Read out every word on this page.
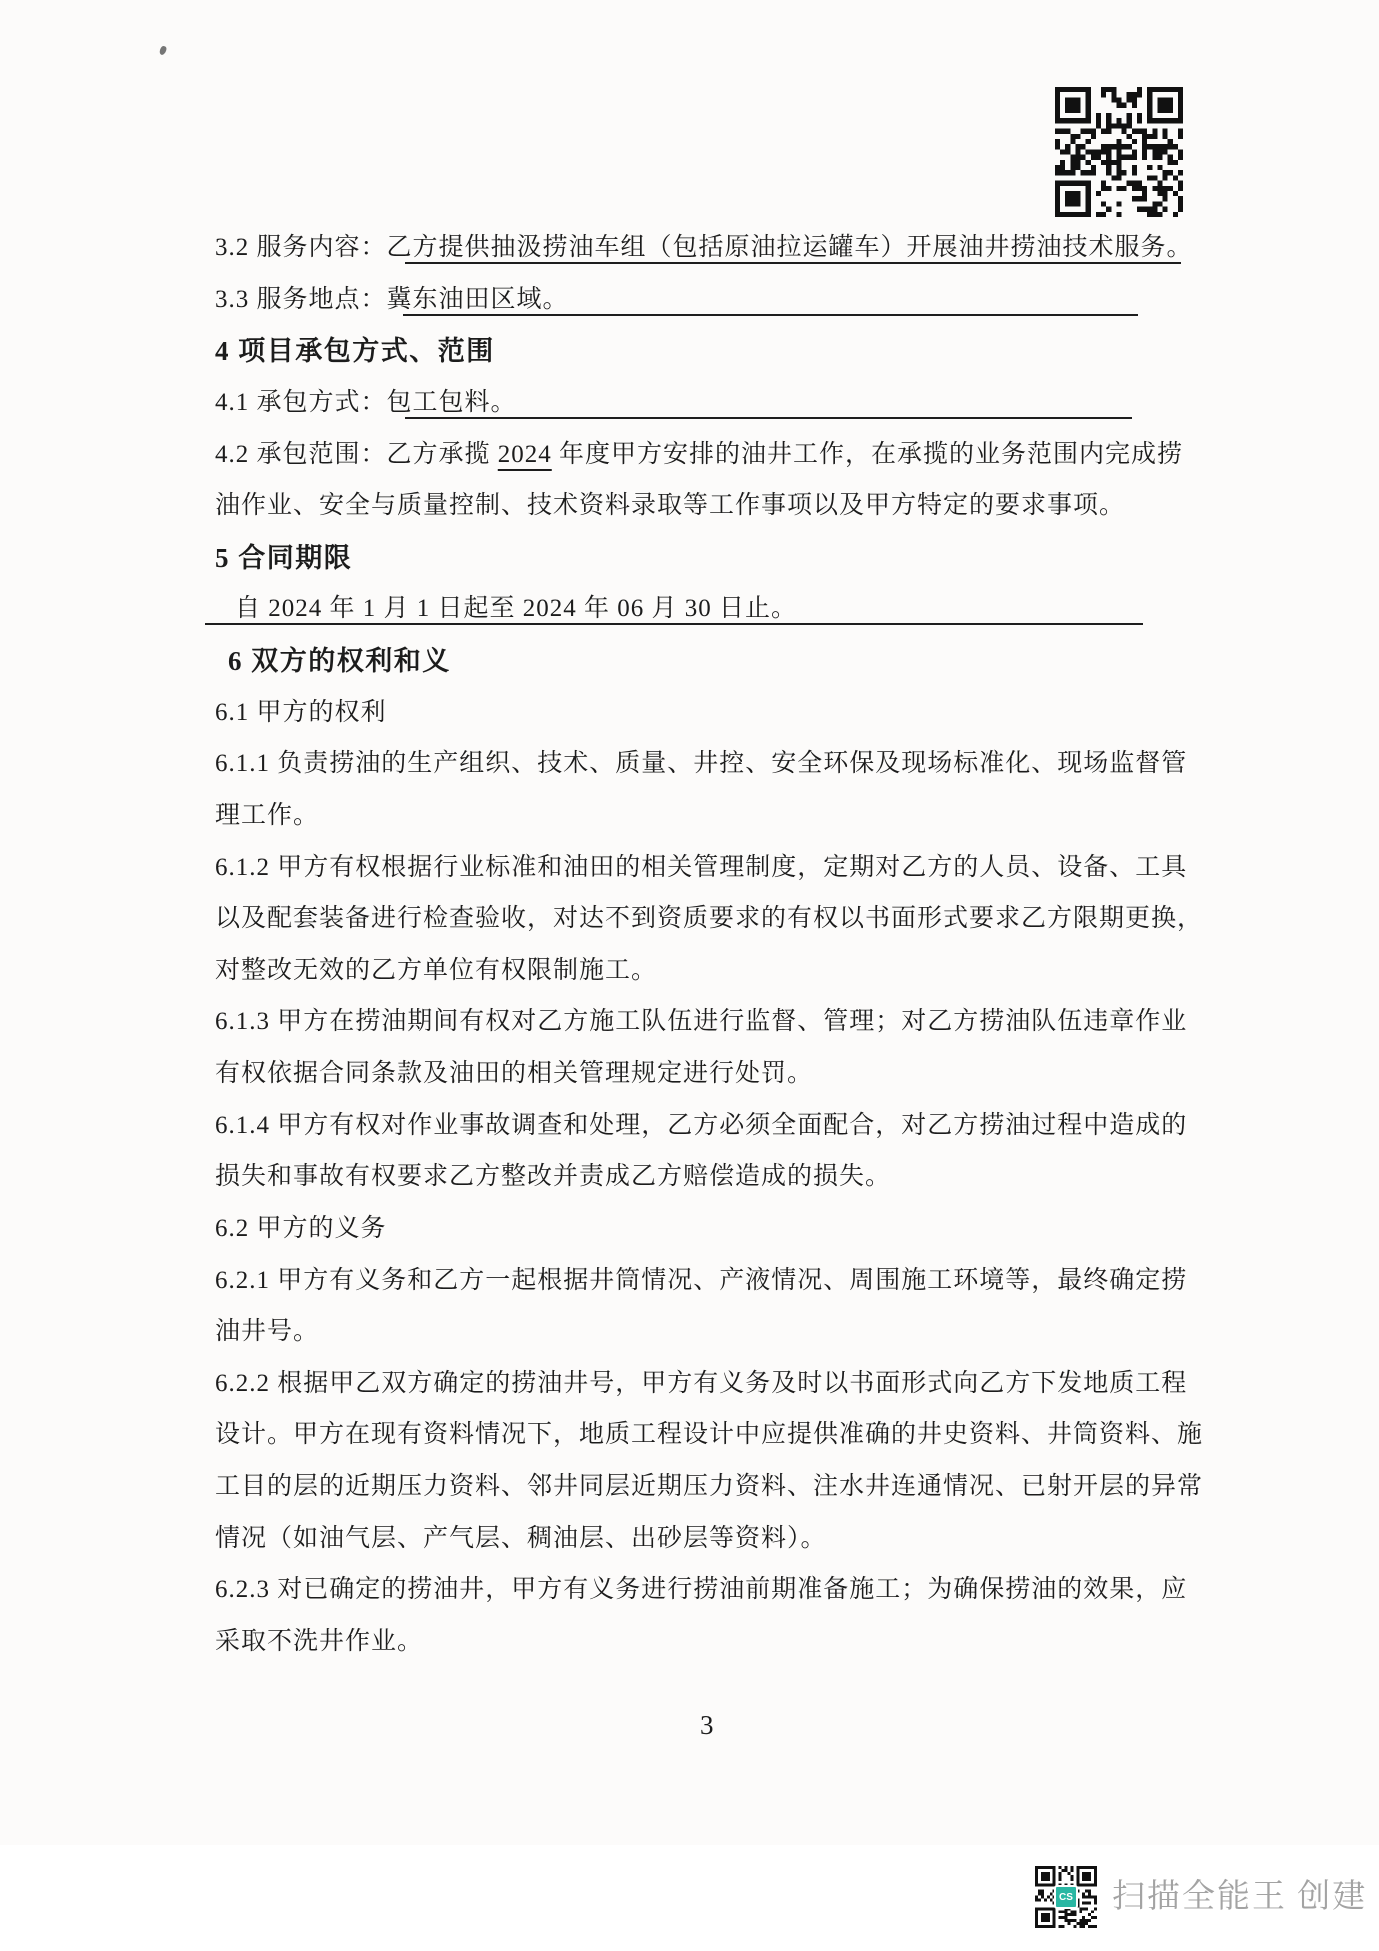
3.2 服务内容：乙方提供抽汲捞油车组（包括原油拉运罐车）开展油井捞油技术服务。
3.3 服务地点：冀东油田区域。
4 项目承包方式、范围
4.1 承包方式：包工包料。
4.2 承包范围：乙方承揽 2024 年度甲方安排的油井工作，在承揽的业务范围内完成捞
油作业、安全与质量控制、技术资料录取等工作事项以及甲方特定的要求事项。
5 合同期限
自 2024 年 1 月 1 日起至 2024 年 06 月 30 日止。
6 双方的权利和义
6.1 甲方的权利
6.1.1 负责捞油的生产组织、技术、质量、井控、安全环保及现场标准化、现场监督管
理工作。
6.1.2 甲方有权根据行业标准和油田的相关管理制度，定期对乙方的人员、设备、工具
以及配套装备进行检查验收，对达不到资质要求的有权以书面形式要求乙方限期更换，
对整改无效的乙方单位有权限制施工。
6.1.3 甲方在捞油期间有权对乙方施工队伍进行监督、管理；对乙方捞油队伍违章作业
有权依据合同条款及油田的相关管理规定进行处罚。
6.1.4 甲方有权对作业事故调查和处理，乙方必须全面配合，对乙方捞油过程中造成的
损失和事故有权要求乙方整改并责成乙方赔偿造成的损失。
6.2 甲方的义务
6.2.1 甲方有义务和乙方一起根据井筒情况、产液情况、周围施工环境等，最终确定捞
油井号。
6.2.2 根据甲乙双方确定的捞油井号，甲方有义务及时以书面形式向乙方下发地质工程
设计。甲方在现有资料情况下，地质工程设计中应提供准确的井史资料、井筒资料、施
工目的层的近期压力资料、邻井同层近期压力资料、注水井连通情况、已射开层的异常
情况（如油气层、产气层、稠油层、出砂层等资料）。
6.2.3 对已确定的捞油井，甲方有义务进行捞油前期准备施工；为确保捞油的效果，应
采取不洗井作业。
3
CS 扫描全能王 创建
